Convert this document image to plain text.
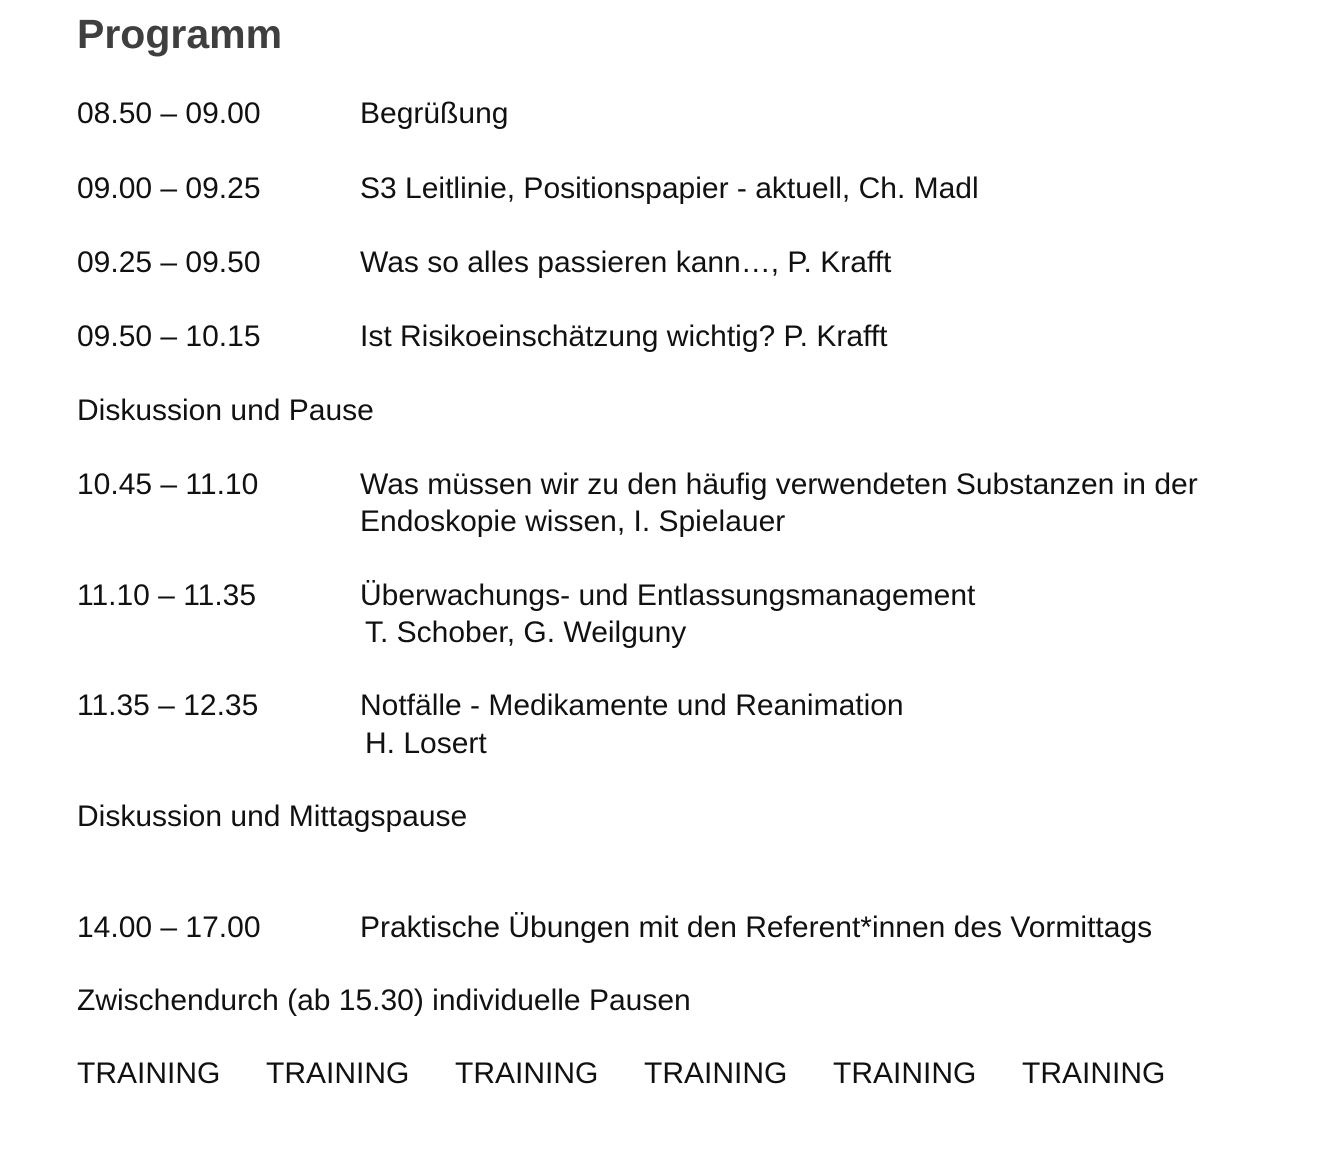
Programm
08.50 – 09.00	Begrüßung
09.00 – 09.25	S3 Leitlinie, Positionspapier - aktuell, Ch. Madl
09.25 – 09.50	Was so alles passieren kann…, P. Krafft
09.50 – 10.15	Ist Risikoeinschätzung wichtig? P. Krafft
Diskussion und Pause
10.45 – 11.10	Was müssen wir zu den häufig verwendeten Substanzen in der
Endoskopie wissen, I. Spielauer
11.10 – 11.35	Überwachungs- und Entlassungsmanagement
T. Schober, G. Weilguny
11.35 – 12.35	Notfälle - Medikamente und Reanimation
H. Losert
Diskussion und Mittagspause
14.00 – 17.00	Praktische Übungen mit den Referent*innen des Vormittags
Zwischendurch (ab 15.30) individuelle Pausen
TRAINING TRAINING TRAINING TRAINING TRAINING TRAINING
